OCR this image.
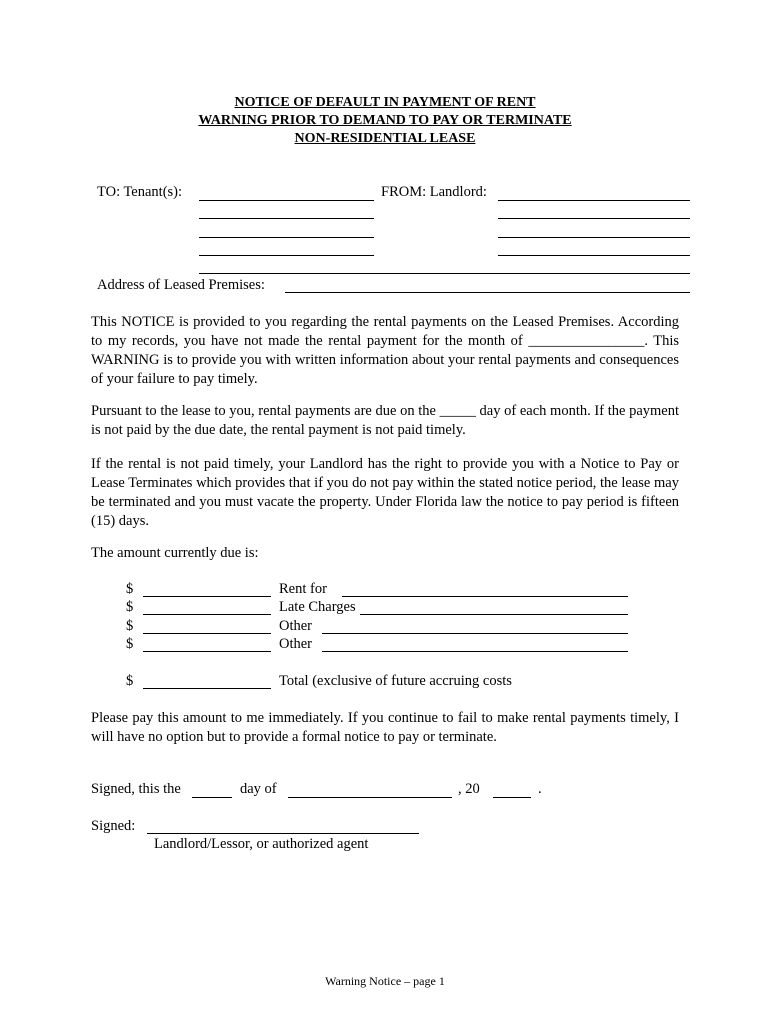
NOTICE OF DEFAULT IN PAYMENT OF RENT
WARNING PRIOR TO DEMAND TO PAY OR TERMINATE
NON-RESIDENTIAL LEASE
TO: Tenant(s):	FROM: Landlord:
Address of Leased Premises:

This NOTICE is provided to you regarding the rental payments on the Leased Premises. According to my records, you have not made the rental payment for the month of ________________. This WARNING is to provide you with written information about your rental payments and consequences of your failure to pay timely.

Pursuant to the lease to you, rental payments are due on the _____ day of each month. If the payment is not paid by the due date, the rental payment is not paid timely.

If the rental is not paid timely, your Landlord has the right to provide you with a Notice to Pay or Lease Terminates which provides that if you do not pay within the stated notice period, the lease may be terminated and you must vacate the property. Under Florida law the notice to pay period is fifteen (15) days.

The amount currently due is:
$	Rent for
$	Late Charges
$	Other
$	Other
$	Total (exclusive of future accruing costs

Please pay this amount to me immediately. If you continue to fail to make rental payments timely, I will have no option but to provide a formal notice to pay or terminate.

Signed, this the	day of	, 20	.
Signed:
Landlord/Lessor, or authorized agent
Warning Notice – page 1
